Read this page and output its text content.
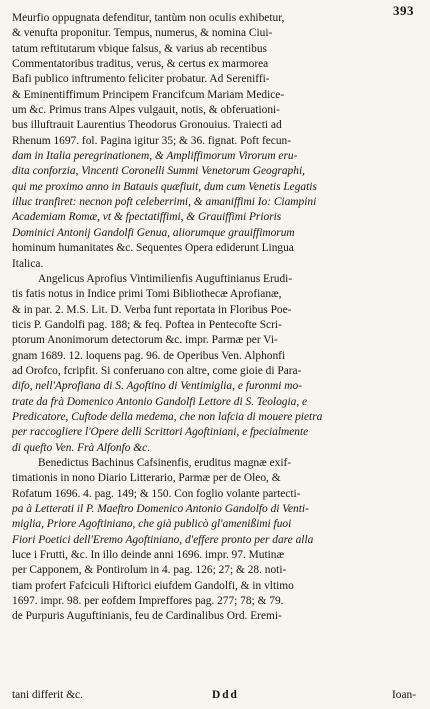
393
Meurfio oppugnata defenditur, tantùm non oculis exhibetur,
& venufta proponitur. Tempus, numerus, & nomina Ciui-
tatum reftitutarum vbique falsus, & varius ab recentibus
Commentatoribus traditus, verus, & certus ex marmorea
Bafi publico inftrumento feliciter probatur. Ad Sereniffi-
& Eminentiffimum Principem Francifcum Mariam Medice-
um &c. Primus trans Alpes vulgauit, notis, & obferuationi-
bus illuftrauit Laurentius Theodorus Gronouius. Traiecti ad
Rhenum 1697. fol. Pagina igitur 35; & 36. fignat. Poft fecun-
dam in Italia peregrinationem, & Ampliffimorum Virorum eru-
dita conforzia, Vincenti Coronelli Summi Venetorum Geographi,
qui me proximo anno in Batauis quæfiuit, dum cum Venetis Legatis
illuc tranfiret: necnon poft celeberrimi, & amaniffimi Io: Ciampini
Academiam Romæ, vt & fpectatiffimi, & Grauiffimi Prioris
Dominici Antonij Gandolfi Genua, aliorumque grauiffimorum
hominum humanitates &c. Sequentes Opera ediderunt Lingua
Italica.
Angelicus Aprofius Vintimilienfis Auguftinianus Erudi-
tis fatis notus in Indice primi Tomi Bibliothecæ Aprofianæ,
& in par. 2. M.S. Lit. D. Verba funt reportata in Floribus Poe-
ticis P. Gandolfi pag. 188; & feq. Poftea in Pentecofte Scri-
ptorum Anonimorum detectorum &c. impr. Parmæ per Vi-
gnam 1689. 12. loquens pag. 96. de Operibus Ven. Alphonfi
ad Orofco, fcripfit. Si conferuano con altre, come gioie di Para-
difo, nell'Aprofiana di S. Agoftino di Ventimiglia, e furonmi mo-
trate da frà Domenico Antonio Gandolfi Lettore di S. Teologia, e
Predicatore, Cuftode della medema, che non lafcia di mouere pietra
per raccogliere l'Opere delli Scrittori Agoftiniani, e fpecialmente
di quefto Ven. Frà Alfonfo &c.
Benedictus Bachinus Cafsinenfis, eruditus magnæ exif-
timationis in nono Diario Litterario, Parmæ per de Oleo, &
Rofatum 1696. 4. pag. 149; & 150. Con foglio volante partecti-
pa à Letterati il P. Maeftro Domenico Antonio Gandolfo di Venti-
miglia, Priore Agoftiniano, che già publicò gl'amenißimi fuoi
Fiori Poetici dell'Eremo Agoftiniano, d'effere pronto per dare alla
luce i Frutti, &c. In illo deinde anni 1696. impr. 97. Mutinæ
per Capponem, & Pontirolum in 4. pag. 126; 27; & 28. noti-
tiam profert Fafciculi Hiftorici eiufdem Gandolfi, & in vltimo
1697. impr. 98. per eofdem Impreffores pag. 277; 78; & 79.
de Purpuris Auguftinianis, feu de Cardinalibus Ord. Eremi-
tani differit &c.	Ddd	Ioan-
